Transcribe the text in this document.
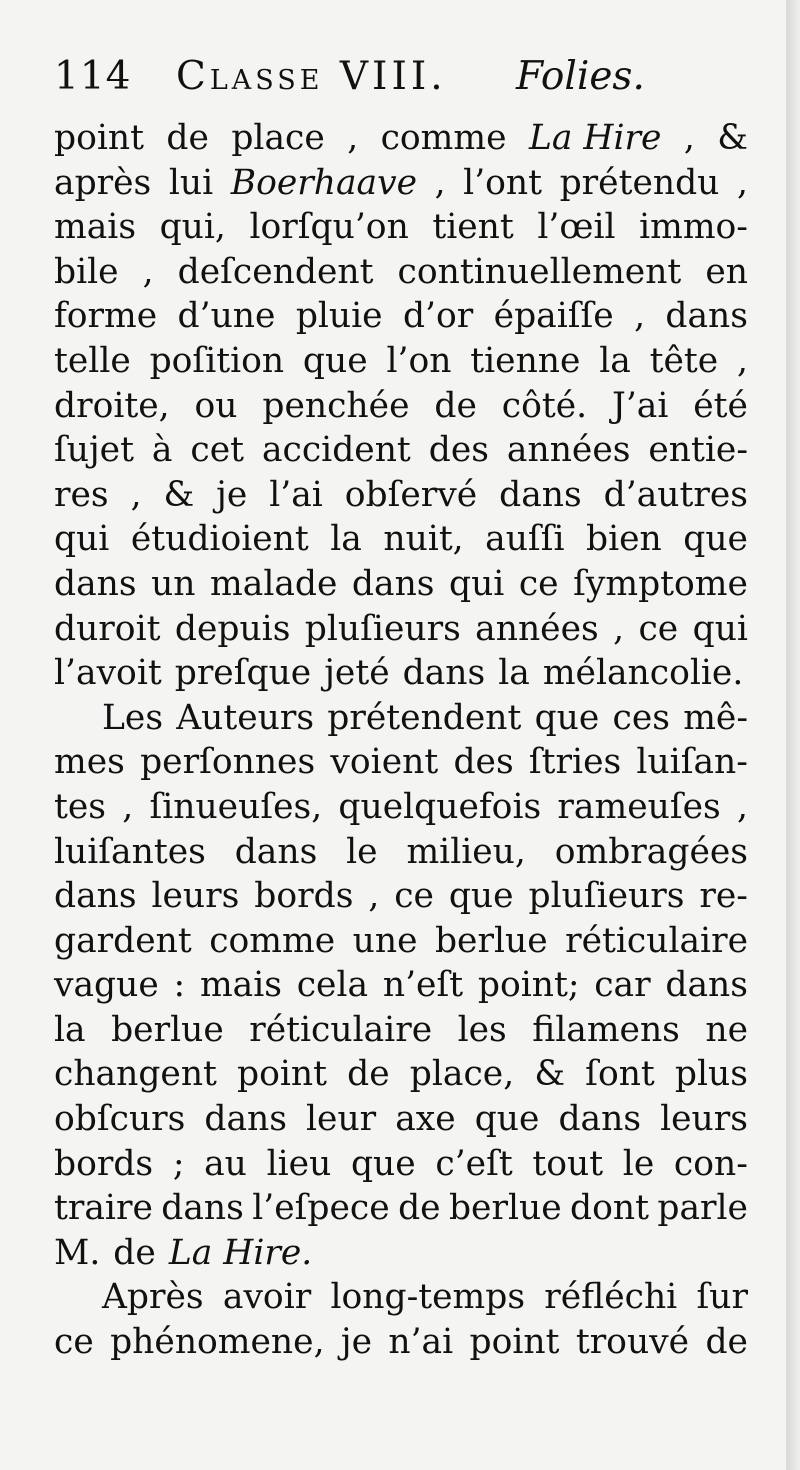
114 Classe VIII. Folies.
point de place , comme La Hire , &
après lui Boerhaave , l’ont prétendu ,
mais qui, lorſqu’on tient l’œil immo-
bile , deſcendent continuellement en
forme d’une pluie d’or épaiſſe , dans
telle poſition que l’on tienne la tête ,
droite, ou penchée de côté. J’ai été
ſujet à cet accident des années entie-
res , & je l’ai obſervé dans d’autres
qui étudioient la nuit, auſſi bien que
dans un malade dans qui ce ſymptome
duroit depuis pluſieurs années , ce qui
l’avoit preſque jeté dans la mélancolie.
Les Auteurs prétendent que ces mê-
mes perſonnes voient des ſtries luiſan-
tes , ſinueuſes, quelquefois rameuſes ,
luiſantes dans le milieu, ombragées
dans leurs bords , ce que pluſieurs re-
gardent comme une berlue réticulaire
vague : mais cela n’eſt point; car dans
la berlue réticulaire les filamens ne
changent point de place, & ſont plus
obſcurs dans leur axe que dans leurs
bords ; au lieu que c’eſt tout le con-
traire dans l’eſpece de berlue dont parle
M. de La Hire.
Après avoir long-temps réfléchi ſur
ce phénomene, je n’ai point trouvé de
